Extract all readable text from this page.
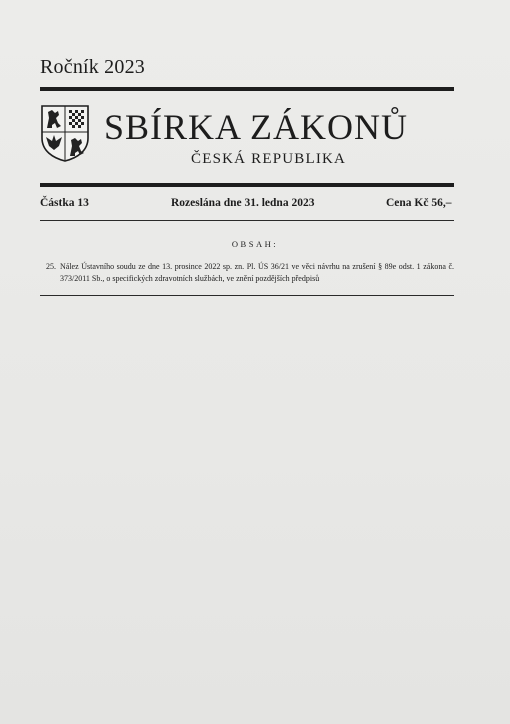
Ročník 2023
SBÍRKA ZÁKONŮ
ČESKÁ REPUBLIKA
Částka 13	Rozeslána dne 31. ledna 2023	Cena Kč 56,–
OBSAH:
25. Nález Ústavního soudu ze dne 13. prosince 2022 sp. zn. Pl. ÚS 36/21 ve věci návrhu na zrušení § 89e odst. 1 zákona č. 373/2011 Sb., o specifických zdravotních službách, ve znění pozdějších předpisů
